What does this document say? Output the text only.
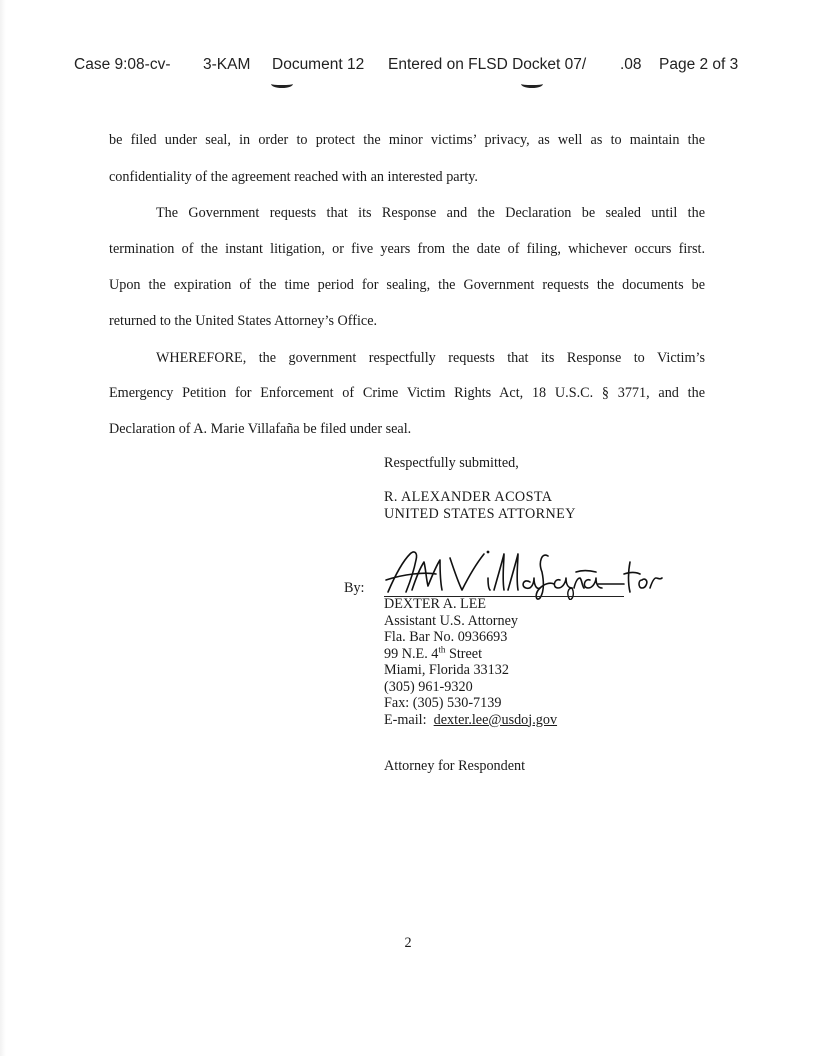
Case 9:08-cv- 3-KAM Document 12 Entered on FLSD Docket 07/ .08 Page 2 of 3
be filed under seal, in order to protect the minor victims’ privacy, as well as to maintain the
confidentiality of the agreement reached with an interested party.
The Government requests that its Response and the Declaration be sealed until the
termination of the instant litigation, or five years from the date of filing, whichever occurs first.
Upon the expiration of the time period for sealing, the Government requests the documents be
returned to the United States Attorney’s Office.
WHEREFORE, the government respectfully requests that its Response to Victim’s
Emergency Petition for Enforcement of Crime Victim Rights Act, 18 U.S.C. § 3771, and the
Declaration of A. Marie Villafaña be filed under seal.
Respectfully submitted,
R. ALEXANDER ACOSTA
UNITED STATES ATTORNEY
By:
DEXTER A. LEE
Assistant U.S. Attorney
Fla. Bar No. 0936693
99 N.E. 4th Street
Miami, Florida 33132
(305) 961-9320
Fax: (305) 530-7139
E-mail:  dexter.lee@usdoj.gov
Attorney for Respondent
2
